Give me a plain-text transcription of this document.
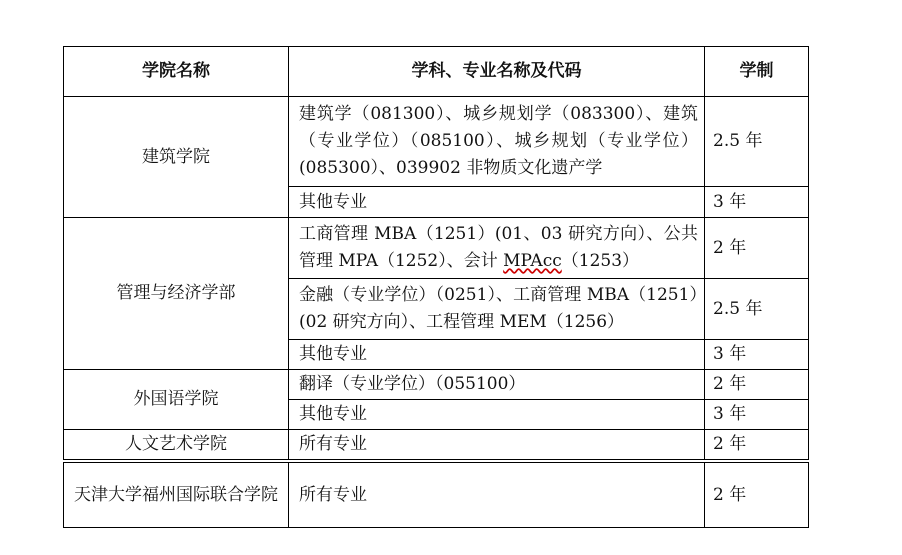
学院名称	学科、专业名称及代码	学制
建筑学院	建筑学（081300）、城乡规划学（083300）、建筑（专业学位）（085100）、城乡规划（专业学位）(085300）、039902 非物质文化遗产学	2.5 年
	其他专业	3 年
管理与经济学部	工商管理 MBA（1251）(01、03 研究方向）、公共管理 MPA（1252）、会计 MPAcc（1253）	2 年
	金融（专业学位）（0251）、工商管理 MBA（1251）(02 研究方向）、工程管理 MEM（1256）	2.5 年
	其他专业	3 年
外国语学院	翻译（专业学位）（055100）	2 年
	其他专业	3 年
人文艺术学院	所有专业	2 年
天津大学福州国际联合学院	所有专业	2 年
